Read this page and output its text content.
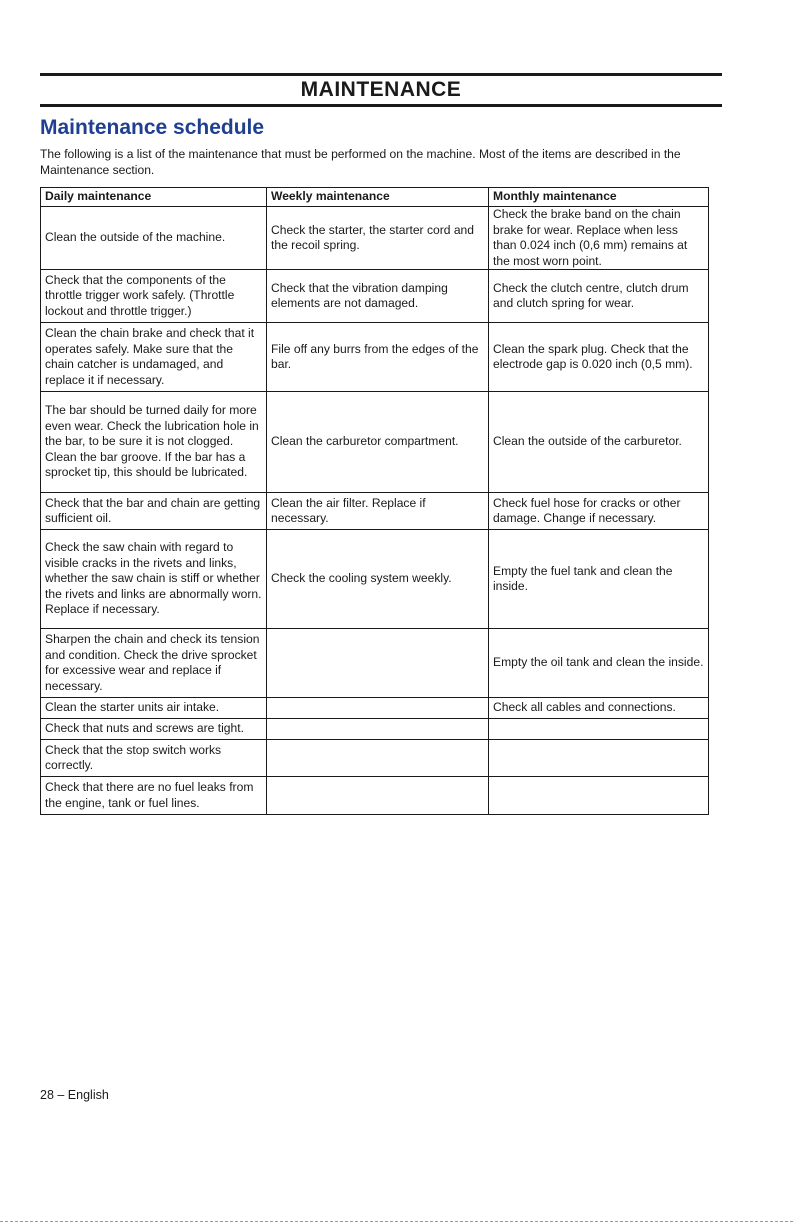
MAINTENANCE
Maintenance schedule

The following is a list of the maintenance that must be performed on the machine. Most of the items are described in the Maintenance section.

Daily maintenance	Weekly maintenance	Monthly maintenance
Clean the outside of the machine.	Check the starter, the starter cord and the recoil spring.	Check the brake band on the chain brake for wear. Replace when less than 0.024 inch (0,6 mm) remains at the most worn point.
Check that the components of the throttle trigger work safely. (Throttle lockout and throttle trigger.)	Check that the vibration damping elements are not damaged.	Check the clutch centre, clutch drum and clutch spring for wear.
Clean the chain brake and check that it operates safely. Make sure that the chain catcher is undamaged, and replace it if necessary.	File off any burrs from the edges of the bar.	Clean the spark plug. Check that the electrode gap is 0.020 inch (0,5 mm).
The bar should be turned daily for more even wear. Check the lubrication hole in the bar, to be sure it is not clogged. Clean the bar groove. If the bar has a sprocket tip, this should be lubricated.	Clean the carburetor compartment.	Clean the outside of the carburetor.
Check that the bar and chain are getting sufficient oil.	Clean the air filter. Replace if necessary.	Check fuel hose for cracks or other damage. Change if necessary.
Check the saw chain with regard to visible cracks in the rivets and links, whether the saw chain is stiff or whether the rivets and links are abnormally worn. Replace if necessary.	Check the cooling system weekly.	Empty the fuel tank and clean the inside.
Sharpen the chain and check its tension and condition. Check the drive sprocket for excessive wear and replace if necessary.		Empty the oil tank and clean the inside.
Clean the starter units air intake.		Check all cables and connections.
Check that nuts and screws are tight.		
Check that the stop switch works correctly.		
Check that there are no fuel leaks from the engine, tank or fuel lines.		
28 – English
